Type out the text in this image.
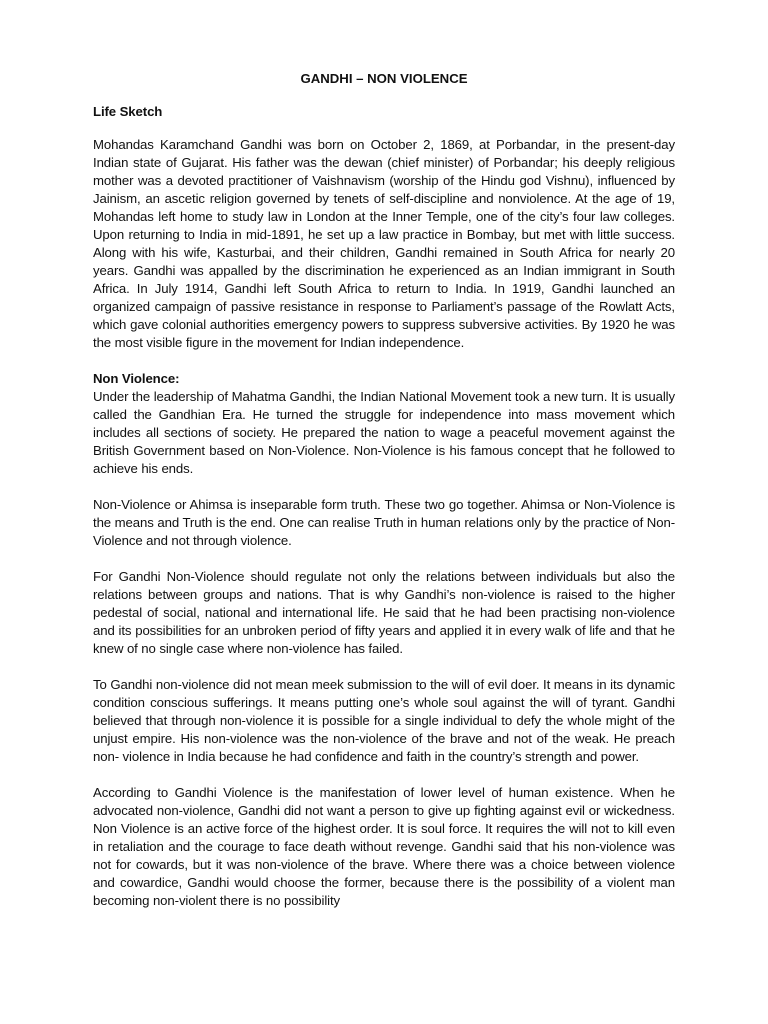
GANDHI – NON VIOLENCE
Life Sketch

Mohandas Karamchand Gandhi was born on October 2, 1869, at Porbandar, in the present-day Indian state of Gujarat. His father was the dewan (chief minister) of Porbandar; his deeply religious mother was a devoted practitioner of Vaishnavism (worship of the Hindu god Vishnu), influenced by Jainism, an ascetic religion governed by tenets of self-discipline and nonviolence. At the age of 19, Mohandas left home to study law in London at the Inner Temple, one of the city’s four law colleges. Upon returning to India in mid-1891, he set up a law practice in Bombay, but met with little success. Along with his wife, Kasturbai, and their children, Gandhi remained in South Africa for nearly 20 years. Gandhi was appalled by the discrimination he experienced as an Indian immigrant in South Africa. In July 1914, Gandhi left South Africa to return to India. In 1919, Gandhi launched an organized campaign of passive resistance in response to Parliament’s passage of the Rowlatt Acts, which gave colonial authorities emergency powers to suppress subversive activities. By 1920 he was the most visible figure in the movement for Indian independence.

Non Violence:

Under the leadership of Mahatma Gandhi, the Indian National Movement took a new turn. It is usually called the Gandhian Era. He turned the struggle for independence into mass movement which includes all sections of society. He prepared the nation to wage a peaceful movement against the British Government based on Non-Violence. Non-Violence is his famous concept that he followed to achieve his ends.

Non-Violence or Ahimsa is inseparable form truth. These two go together. Ahimsa or Non-Violence is the means and Truth is the end. One can realise Truth in human relations only by the practice of Non-Violence and not through violence.

For Gandhi Non-Violence should regulate not only the relations between individuals but also the relations between groups and nations. That is why Gandhi’s non-violence is raised to the higher pedestal of social, national and international life. He said that he had been practising non-violence and its possibilities for an unbroken period of fifty years and applied it in every walk of life and that he knew of no single case where non-violence has failed.

To Gandhi non-violence did not mean meek submission to the will of evil doer. It means in its dynamic condition conscious sufferings. It means putting one’s whole soul against the will of tyrant. Gandhi believed that through non-violence it is possible for a single individual to defy the whole might of the unjust empire. His non-violence was the non-violence of the brave and not of the weak. He preach non- violence in India because he had confidence and faith in the country’s strength and power.

According to Gandhi Violence is the manifestation of lower level of human existence. When he advocated non-violence, Gandhi did not want a person to give up fighting against evil or wickedness. Non Violence is an active force of the highest order. It is soul force. It requires the will not to kill even in retaliation and the courage to face death without revenge. Gandhi said that his non-violence was not for cowards, but it was non-violence of the brave. Where there was a choice between violence and cowardice, Gandhi would choose the former, because there is the possibility of a violent man becoming non-violent there is no possibility
